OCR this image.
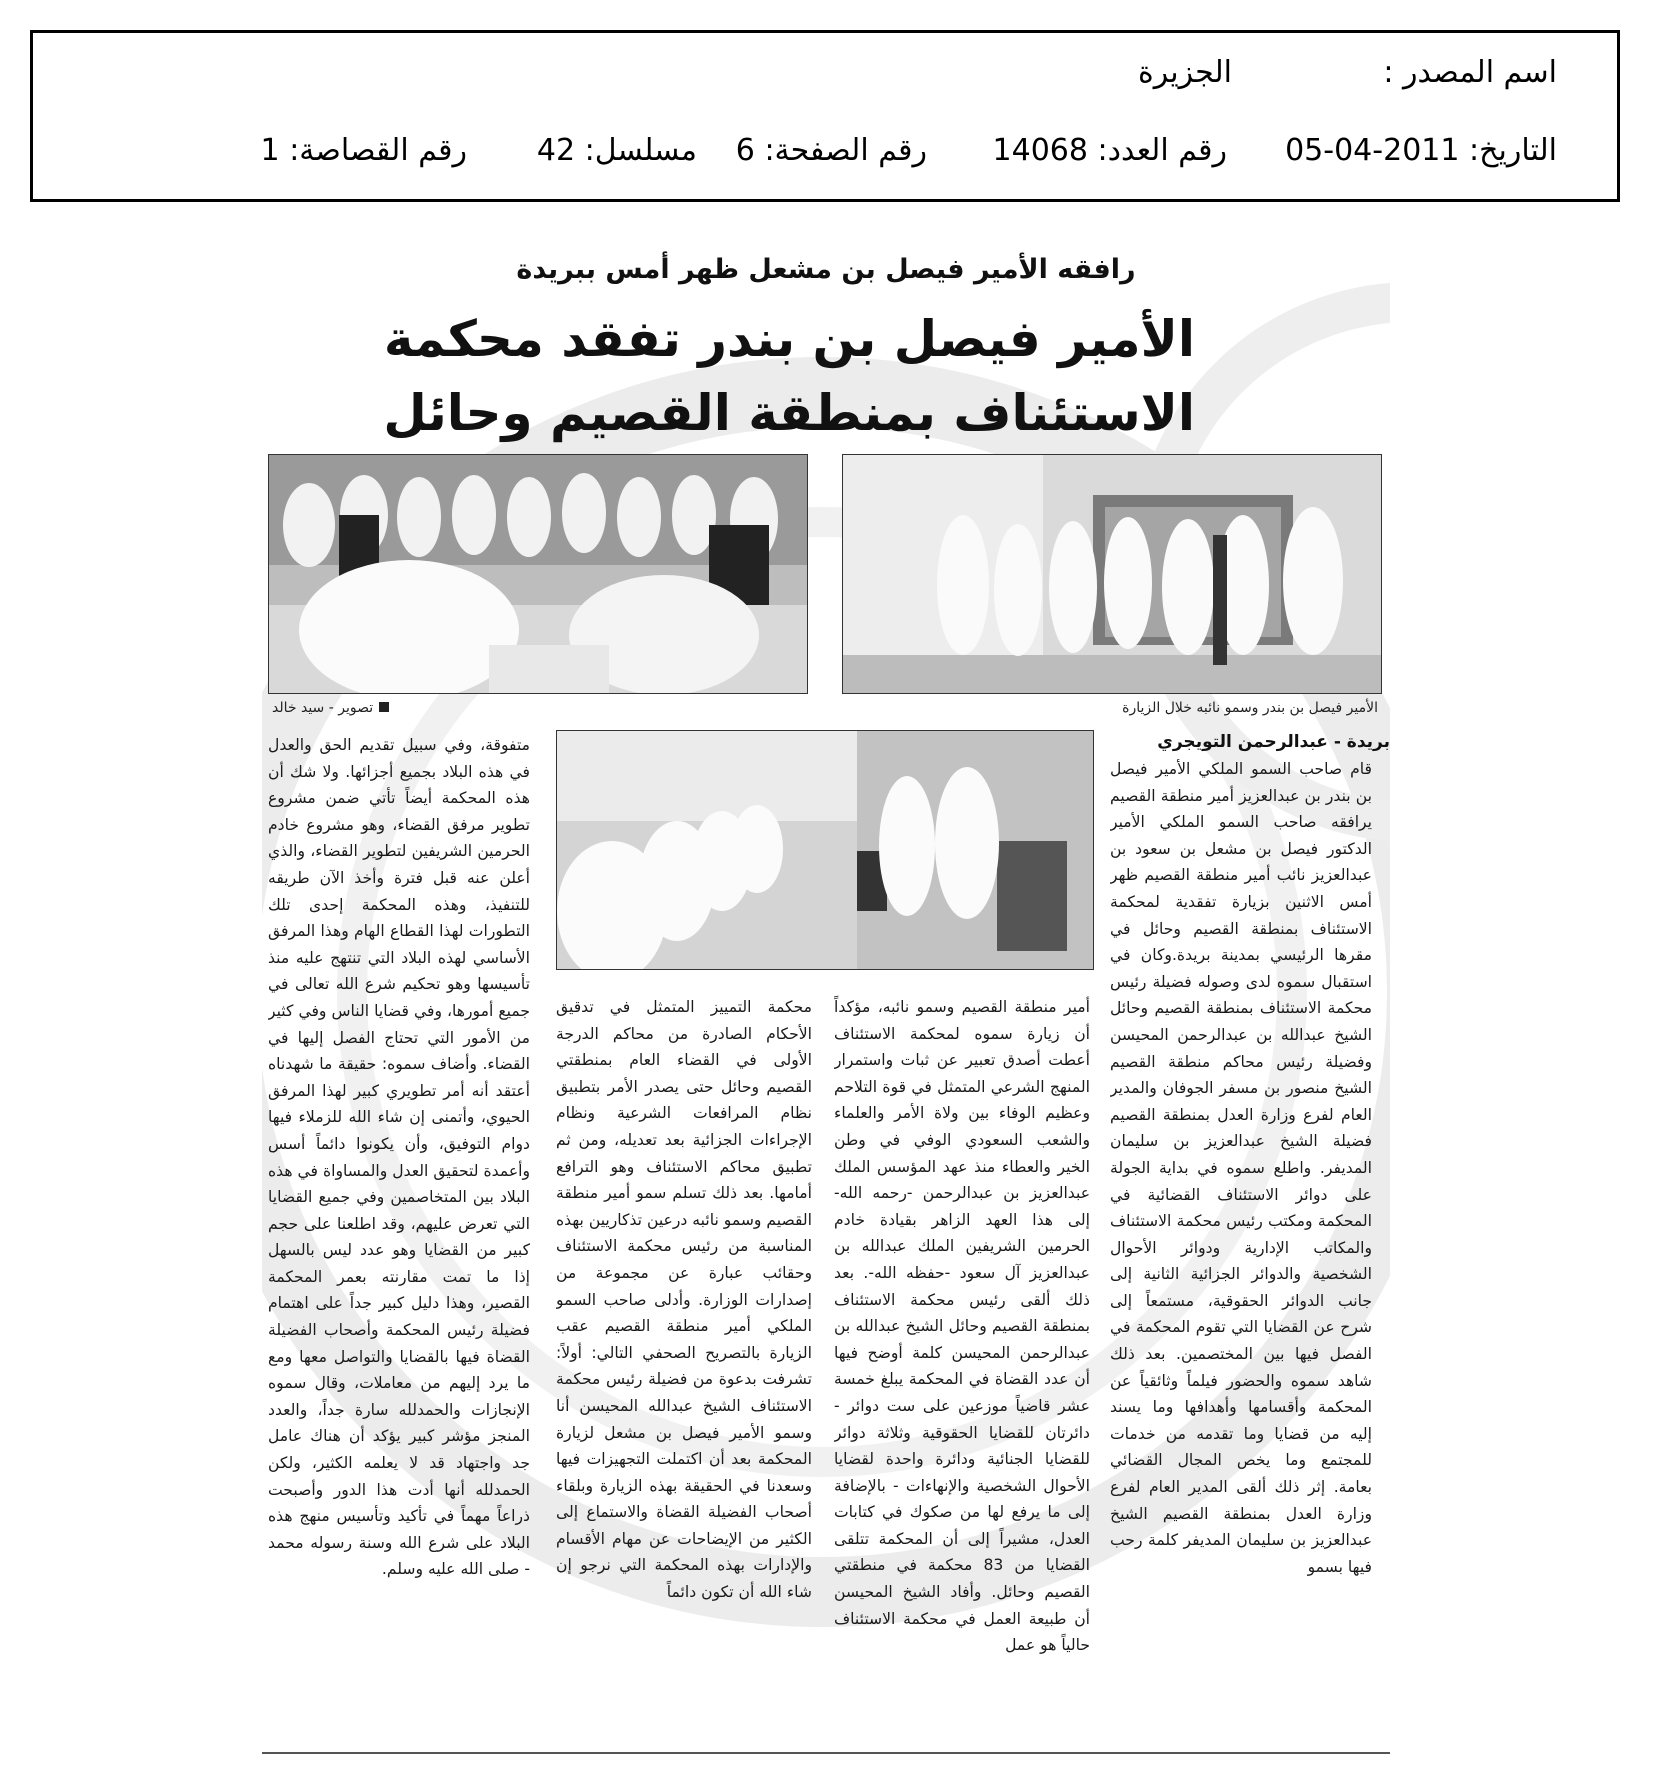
اسم المصدر :
الجزيرة
التاريخ: 2011-04-05
رقم العدد: 14068
رقم الصفحة: 6
مسلسل: 42
رقم القصاصة: 1
رافقه الأمير فيصل بن مشعل ظهر أمس ببريدة
الأمير فيصل بن بندر تفقد محكمة الاستئناف بمنطقة القصيم وحائل
تصوير - سيد خالد	الأمير فيصل بن بندر وسمو نائبه خلال الزيارة
بريدة - عبدالرحمن التويجري

قام صاحب السمو الملكي الأمير فيصل بن بندر بن عبدالعزيز أمير منطقة القصيم يرافقه صاحب السمو الملكي الأمير الدكتور فيصل بن مشعل بن سعود بن عبدالعزيز نائب أمير منطقة القصيم ظهر أمس الاثنين بزيارة تفقدية لمحكمة الاستئناف بمنطقة القصيم وحائل في مقرها الرئيسي بمدينة بريدة.وكان في استقبال سموه لدى وصوله فضيلة رئيس محكمة الاستئناف بمنطقة القصيم وحائل الشيخ عبدالله بن عبدالرحمن المحيسن وفضيلة رئيس محاكم منطقة القصيم الشيخ منصور بن مسفر الجوفان والمدير العام لفرع وزارة العدل بمنطقة القصيم فضيلة الشيخ عبدالعزيز بن سليمان المديفر. واطلع سموه في بداية الجولة على دوائر الاستئناف القضائية في المحكمة ومكتب رئيس محكمة الاستئناف والمكاتب الإدارية ودوائر الأحوال الشخصية والدوائر الجزائية الثانية إلى جانب الدوائر الحقوقية، مستمعاً إلى شرح عن القضايا التي تقوم المحكمة في الفصل فيها بين المختصمين. بعد ذلك شاهد سموه والحضور فيلماً وثائقياً عن المحكمة وأقسامها وأهدافها وما يسند إليه من قضايا وما تقدمه من خدمات للمجتمع وما يخص المجال القضائي بعامة. إثر ذلك ألقى المدير العام لفرع وزارة العدل بمنطقة القصيم الشيخ عبدالعزيز بن سليمان المديفر كلمة رحب فيها بسمو

أمير منطقة القصيم وسمو نائبه، مؤكداً أن زيارة سموه لمحكمة الاستئناف أعطت أصدق تعبير عن ثبات واستمرار المنهج الشرعي المتمثل في قوة التلاحم وعظيم الوفاء بين ولاة الأمر والعلماء والشعب السعودي الوفي في وطن الخير والعطاء منذ عهد المؤسس الملك عبدالعزيز بن عبدالرحمن -رحمه الله- إلى هذا العهد الزاهر بقيادة خادم الحرمين الشريفين الملك عبدالله بن عبدالعزيز آل سعود -حفظه الله-. بعد ذلك ألقى رئيس محكمة الاستئناف بمنطقة القصيم وحائل الشيخ عبدالله بن عبدالرحمن المحيسن كلمة أوضح فيها أن عدد القضاة في المحكمة يبلغ خمسة عشر قاضياً موزعين على ست دوائر - دائرتان للقضايا الحقوقية وثلاثة دوائر للقضايا الجنائية ودائرة واحدة لقضايا الأحوال الشخصية والإنهاءات - بالإضافة إلى ما يرفع لها من صكوك في كتابات العدل، مشيراً إلى أن المحكمة تتلقى القضايا من 83 محكمة في منطقتي القصيم وحائل. وأفاد الشيخ المحيسن أن طبيعة العمل في محكمة الاستئناف حالياً هو عمل

محكمة التمييز المتمثل في تدقيق الأحكام الصادرة من محاكم الدرجة الأولى في القضاء العام بمنطقتي القصيم وحائل حتى يصدر الأمر بتطبيق نظام المرافعات الشرعية ونظام الإجراءات الجزائية بعد تعديله، ومن ثم تطبيق محاكم الاستئناف وهو الترافع أمامها. بعد ذلك تسلم سمو أمير منطقة القصيم وسمو نائبه درعين تذكاريين بهذه المناسبة من رئيس محكمة الاستئناف وحقائب عبارة عن مجموعة من إصدارات الوزارة. وأدلى صاحب السمو الملكي أمير منطقة القصيم عقب الزيارة بالتصريح الصحفي التالي: أولاً: تشرفت بدعوة من فضيلة رئيس محكمة الاستئناف الشيخ عبدالله المحيسن أنا وسمو الأمير فيصل بن مشعل لزيارة المحكمة بعد أن اكتملت التجهيزات فيها وسعدنا في الحقيقة بهذه الزيارة وبلقاء أصحاب الفضيلة القضاة والاستماع إلى الكثير من الإيضاحات عن مهام الأقسام والإدارات بهذه المحكمة التي نرجو إن شاء الله أن تكون دائماً

متفوقة، وفي سبيل تقديم الحق والعدل في هذه البلاد بجميع أجزائها. ولا شك أن هذه المحكمة أيضاً تأتي ضمن مشروع تطوير مرفق القضاء، وهو مشروع خادم الحرمين الشريفين لتطوير القضاء، والذي أعلن عنه قبل فترة وأخذ الآن طريقه للتنفيذ، وهذه المحكمة إحدى تلك التطورات لهذا القطاع الهام وهذا المرفق الأساسي لهذه البلاد التي تنتهج عليه منذ تأسيسها وهو تحكيم شرع الله تعالى في جميع أمورها، وفي قضايا الناس وفي كثير من الأمور التي تحتاج الفصل إليها في القضاء. وأضاف سموه: حقيقة ما شهدناه أعتقد أنه أمر تطويري كبير لهذا المرفق الحيوي، وأتمنى إن شاء الله للزملاء فيها دوام التوفيق، وأن يكونوا دائماً أسس وأعمدة لتحقيق العدل والمساواة في هذه البلاد بين المتخاصمين وفي جميع القضايا التي تعرض عليهم، وقد اطلعنا على حجم كبير من القضايا وهو عدد ليس بالسهل إذا ما تمت مقارنته بعمر المحكمة القصير، وهذا دليل كبير جداً على اهتمام فضيلة رئيس المحكمة وأصحاب الفضيلة القضاة فيها بالقضايا والتواصل معها ومع ما يرد إليهم من معاملات، وقال سموه الإنجازات والحمدلله سارة جداً، والعدد المنجز مؤشر كبير يؤكد أن هناك عامل جد واجتهاد قد لا يعلمه الكثير، ولكن الحمدلله أنها أدت هذا الدور وأصبحت ذراعاً مهماً في تأكيد وتأسيس منهج هذه البلاد على شرع الله وسنة رسوله محمد - صلى الله عليه وسلم.
